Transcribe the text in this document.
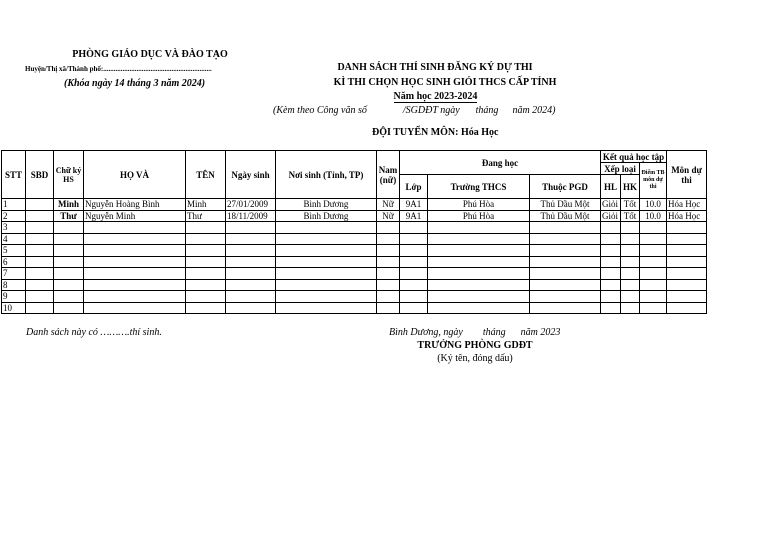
PHÒNG GIÁO DỤC VÀ ĐÀO TẠO
Huyện/Thị xã/Thành phố:..............................................................
(Khóa ngày 14 tháng 3 năm 2024)
DANH SÁCH THÍ SINH ĐĂNG KÝ DỰ THI
KÌ THI CHỌN HỌC SINH GIỎI THCS CẤP TỈNH
Năm học 2023-2024
(Kèm theo Công văn số	/SGDĐT ngày tháng năm 2024)
ĐỘI TUYỂN MÔN: Hóa Học
STT	SBD	Chữ ký HS	HỌ VÀ	TÊN	Ngày sinh	Nơi sinh (Tỉnh, TP)	Nam (nữ)	Đang học			Kết quả học tập			Môn dự thi
											Xếp loại		Điểm TB môn dự thi	
								Lớp	Trường THCS	Thuộc PGD	HL	HK		
1		Minh	Nguyễn Hoàng Bình	Minh	27/01/2009	Bình Dương	Nữ	9A1	Phú Hòa	Thủ Dầu Một	Giỏi	Tốt	10.0	Hóa Học
2		Thư	Nguyễn Minh	Thư	18/11/2009	Bình Dương	Nữ	9A1	Phú Hòa	Thủ Dầu Một	Giỏi	Tốt	10.0	Hóa Học
3														
4														
5														
6														
7														
8														
9														
10														
Danh sách này có ……….thí sinh.	Bình Dương, ngày        tháng      năm 2023
TRƯỞNG PHÒNG GDĐT
(Ký tên, đóng dấu)
